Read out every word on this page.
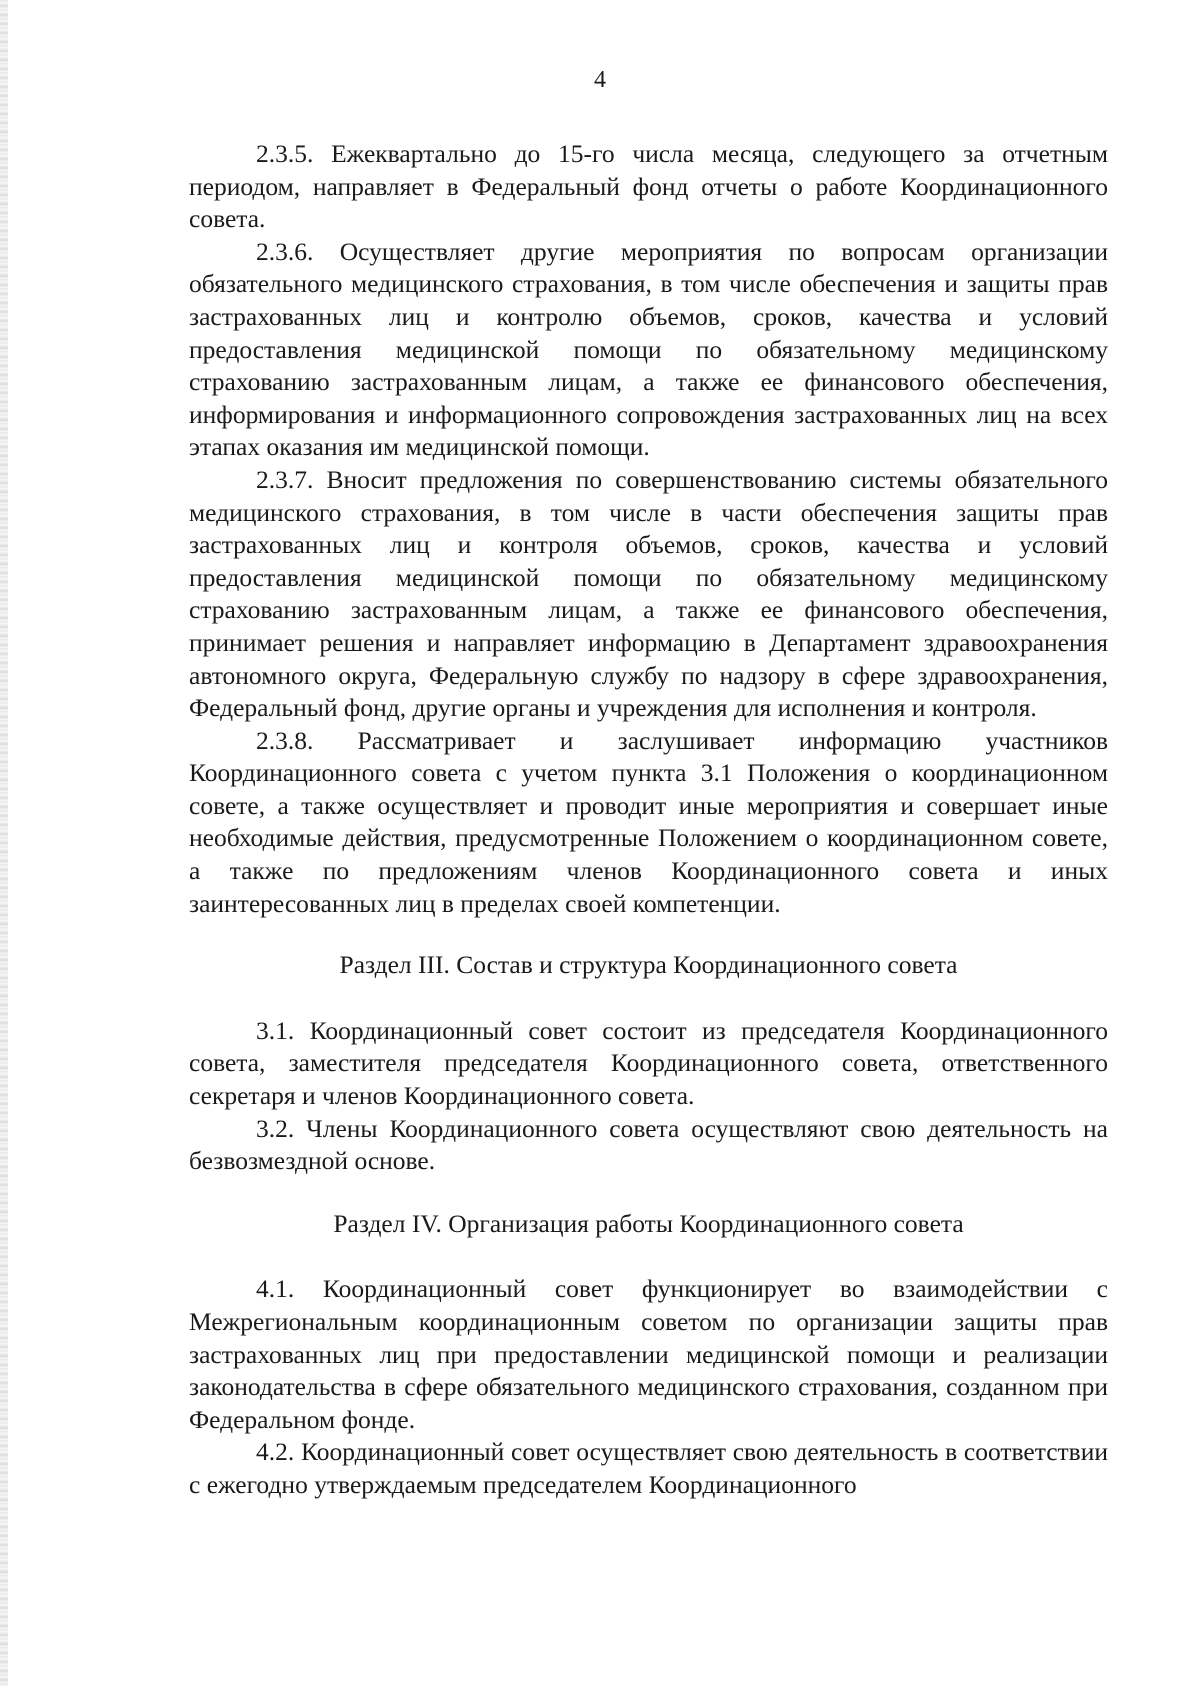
4

2.3.5. Ежеквартально до 15-го числа месяца, следующего за отчетным периодом, направляет в Федеральный фонд отчеты о работе Координационного совета.

2.3.6. Осуществляет другие мероприятия по вопросам организации обязательного медицинского страхования, в том числе обеспечения и защиты прав застрахованных лиц и контролю объемов, сроков, качества и условий предоставления медицинской помощи по обязательному медицинскому страхованию застрахованным лицам, а также ее финансового обеспечения, информирования и информационного сопровождения застрахованных лиц на всех этапах оказания им медицинской помощи.

2.3.7. Вносит предложения по совершенствованию системы обязательного медицинского страхования, в том числе в части обеспечения защиты прав застрахованных лиц и контроля объемов, сроков, качества и условий предоставления медицинской помощи по обязательному медицинскому страхованию застрахованным лицам, а также ее финансового обеспечения, принимает решения и направляет информацию в Департамент здравоохранения автономного округа, Федеральную службу по надзору в сфере здравоохранения, Федеральный фонд, другие органы и учреждения для исполнения и контроля.

2.3.8. Рассматривает и заслушивает информацию участников Координационного совета с учетом пункта 3.1 Положения о координационном совете, а также осуществляет и проводит иные мероприятия и совершает иные необходимые действия, предусмотренные Положением о координационном совете, а также по предложениям членов Координационного совета и иных заинтересованных лиц в пределах своей компетенции.

Раздел III. Состав и структура Координационного совета

3.1. Координационный совет состоит из председателя Координационного совета, заместителя председателя Координационного совета, ответственного секретаря и членов Координационного совета.

3.2. Члены Координационного совета осуществляют свою деятельность на безвозмездной основе.

Раздел IV. Организация работы Координационного совета

4.1. Координационный совет функционирует во взаимодействии с Межрегиональным координационным советом по организации защиты прав застрахованных лиц при предоставлении медицинской помощи и реализации законодательства в сфере обязательного медицинского страхования, созданном при Федеральном фонде.

4.2. Координационный совет осуществляет свою деятельность в соответствии с ежегодно утверждаемым председателем Координационного
